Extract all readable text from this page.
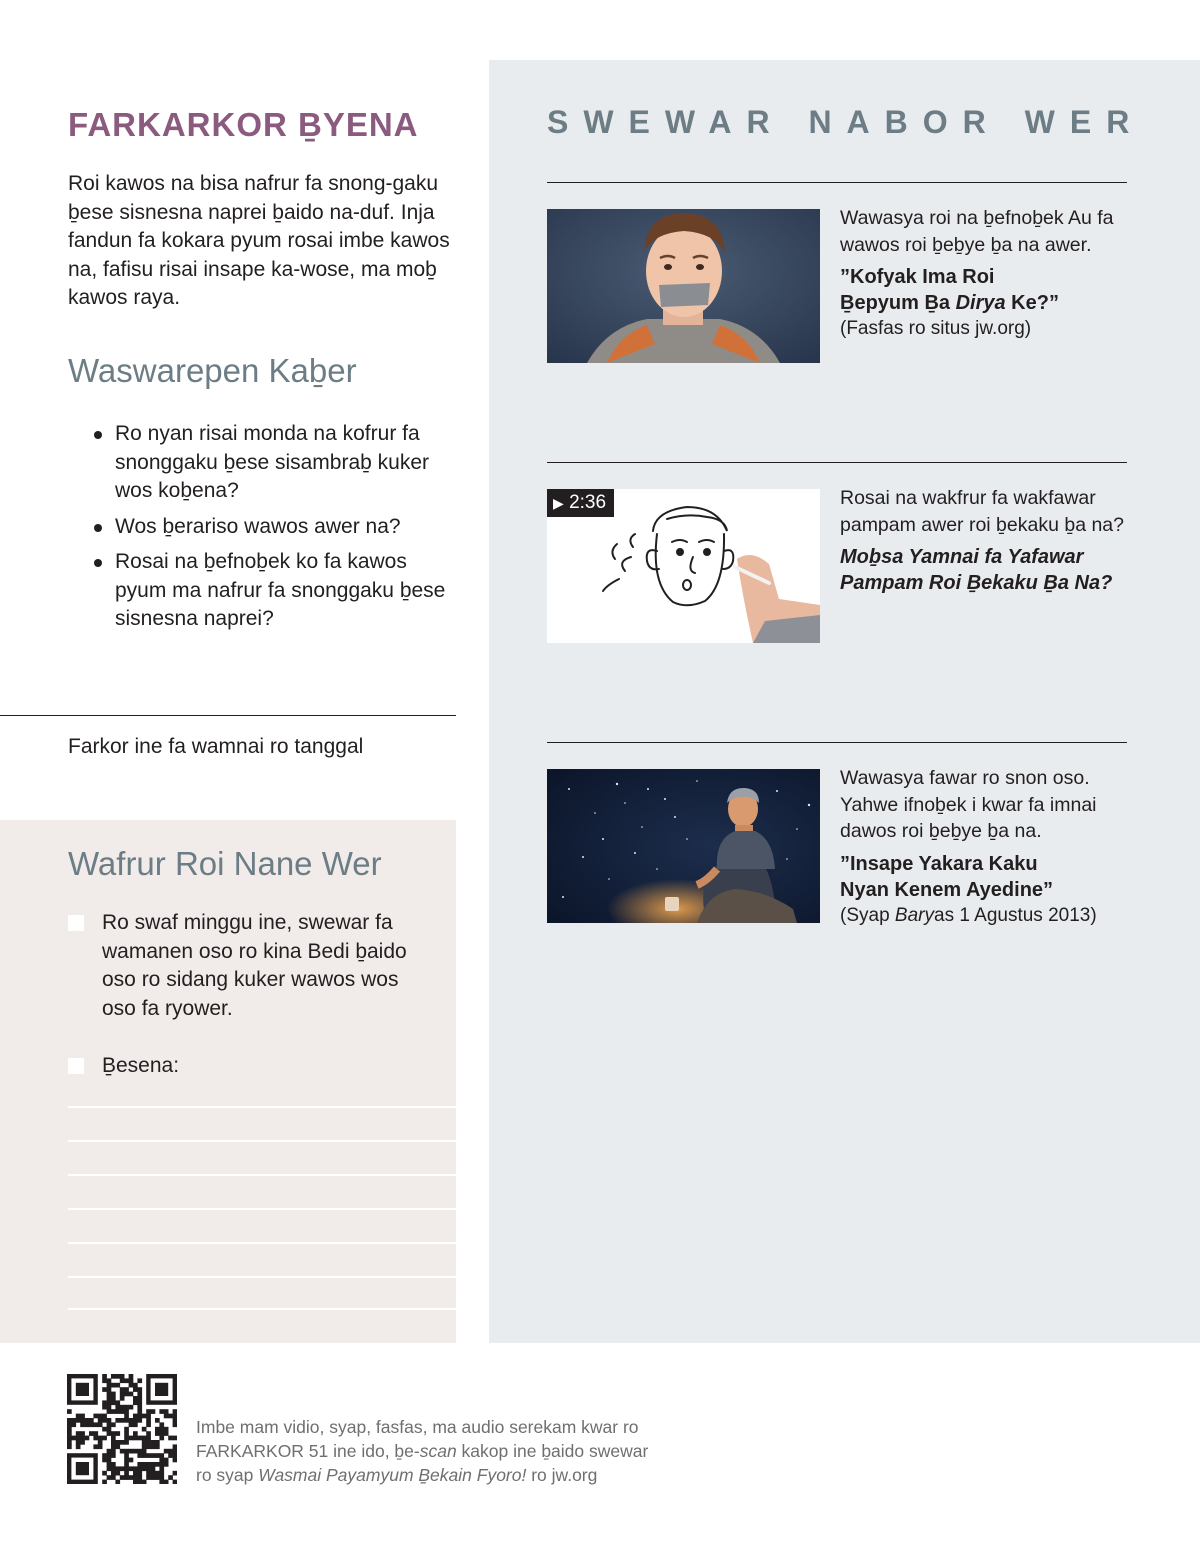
FARKARKOR ḆYENA

Roi kawos na bisa nafrur fa snong-gaku ḇese sisnesna naprei ḇaido na-duf. Inja fandun fa kokara pyum rosai imbe kawos na, fafisu risai insape ka-wose, ma moḇ kawos raya.

Waswarepen Kaḇer
Ro nyan risai monda na kofrur fa snonggaku ḇese sisambraḇ kuker wos koḇena?
Wos ḇerariso wawos awer na?
Rosai na ḇefnoḇek ko fa kawos pyum ma nafrur fa snonggaku ḇese sisnesna naprei?

Farkor ine fa wamnai ro tanggal

Wafrur Roi Nane Wer
Ro swaf minggu ine, swewar fa wamanen oso ro kina Bedi ḇaido oso ro sidang kuker wawos wos oso fa ryower.
Ḇesena:
SWEWAR NABOR WER

Wawasya roi na ḇefnoḇek Au fa wawos roi ḇeḇye ḇa na awer.

”Kofyak Ima Roi
Ḇepyum Ḇa Dirya Ke?”

(Fasfas ro situs jw.org)

▶ 2:36	Rosai na wakfrur fa wakfawar pampam awer roi ḇekaku ḇa na?

Moḇsa Yamnai fa Yafawar Pampam Roi Ḇekaku Ḇa Na?

Wawasya fawar ro snon oso. Yahwe ifnoḇek i kwar fa imnai dawos roi ḇeḇye ḇa na.

”Insape Yakara Kaku
Nyan Kenem Ayedine”

(Syap Baryas 1 Agustus 2013)

Imbe mam vidio, syap, fasfas, ma audio serekam kwar ro
FARKARKOR 51 ine ido, ḇe-scan kakop ine ḇaido swewar
ro syap Wasmai Payamyum Ḇekain Fyoro! ro jw.org
